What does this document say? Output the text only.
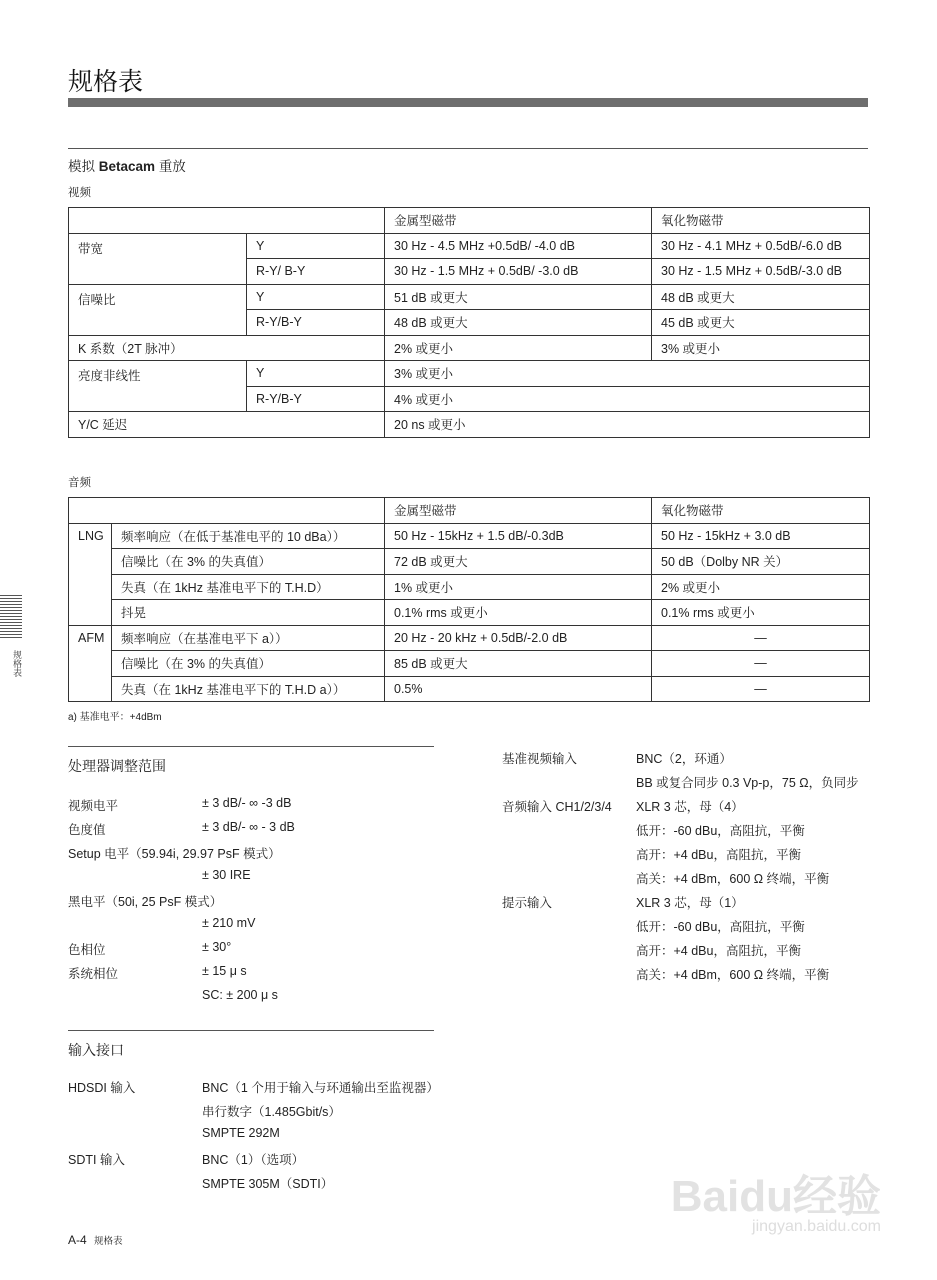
规格表
模拟 Betacam 重放
视频
		金属型磁带	氧化物磁带
带宽	Y	30 Hz - 4.5 MHz +0.5dB/ -4.0 dB	30 Hz - 4.1 MHz + 0.5dB/-6.0 dB
	R-Y/ B-Y	30 Hz - 1.5 MHz + 0.5dB/ -3.0 dB	30 Hz - 1.5 MHz + 0.5dB/-3.0 dB
信噪比	Y	51 dB 或更大	48 dB 或更大
	R-Y/B-Y	48 dB 或更大	45 dB 或更大
K 系数（2T 脉冲）		2% 或更小	3% 或更小
亮度非线性	Y	3% 或更小	
	R-Y/B-Y	4% 或更小	
Y/C 延迟		20 ns 或更小	
音频
		金属型磁带	氧化物磁带
LNG	频率响应（在低于基准电平的 10 dBa））	50 Hz - 15kHz + 1.5 dB/-0.3dB	50 Hz - 15kHz + 3.0 dB
	信噪比（在 3% 的失真值）	72 dB 或更大	50 dB（Dolby NR 关）
	失真（在 1kHz 基准电平下的 T.H.D）	1% 或更小	2% 或更小
	抖晃	0.1% rms 或更小	0.1% rms 或更小
AFM	频率响应（在基准电平下 a））	20 Hz - 20 kHz + 0.5dB/-2.0 dB	—
	信噪比（在 3% 的失真值）	85 dB 或更大	—
	失真（在 1kHz 基准电平下的 T.H.D a））	0.5%	—
a) 基准电平：+4dBm
处理器调整范围
视频电平	± 3 dB/- ∞ -3 dB
色度值	± 3 dB/- ∞ - 3 dB
Setup 电平（59.94i, 29.97 PsF 模式）
± 30 IRE
黑电平（50i, 25 PsF 模式）
± 210 mV
色相位	± 30°
系统相位	± 15 μ s
SC: ± 200 μ s
输入接口
HDSDI 输入	BNC（1 个用于输入与环通输出至监视器）
串行数字（1.485Gbit/s）
SMPTE 292M
SDTI 输入	BNC（1）（选项）
SMPTE 305M（SDTI）
基准视频输入	BNC（2，环通）
BB 或复合同步 0.3 Vp-p，75 Ω，负同步
音频输入 CH1/2/3/4 XLR 3 芯，母（4）
低开：-60 dBu，高阻抗，平衡
高开：+4 dBu，高阻抗，平衡
高关：+4 dBm，600 Ω 终端，平衡
提示输入	XLR 3 芯，母（1）
低开：-60 dBu，高阻抗，平衡
高开：+4 dBu，高阻抗，平衡
高关：+4 dBm，600 Ω 终端，平衡
规格表
A-4 规格表
Baidu经验
jingyan.baidu.com
